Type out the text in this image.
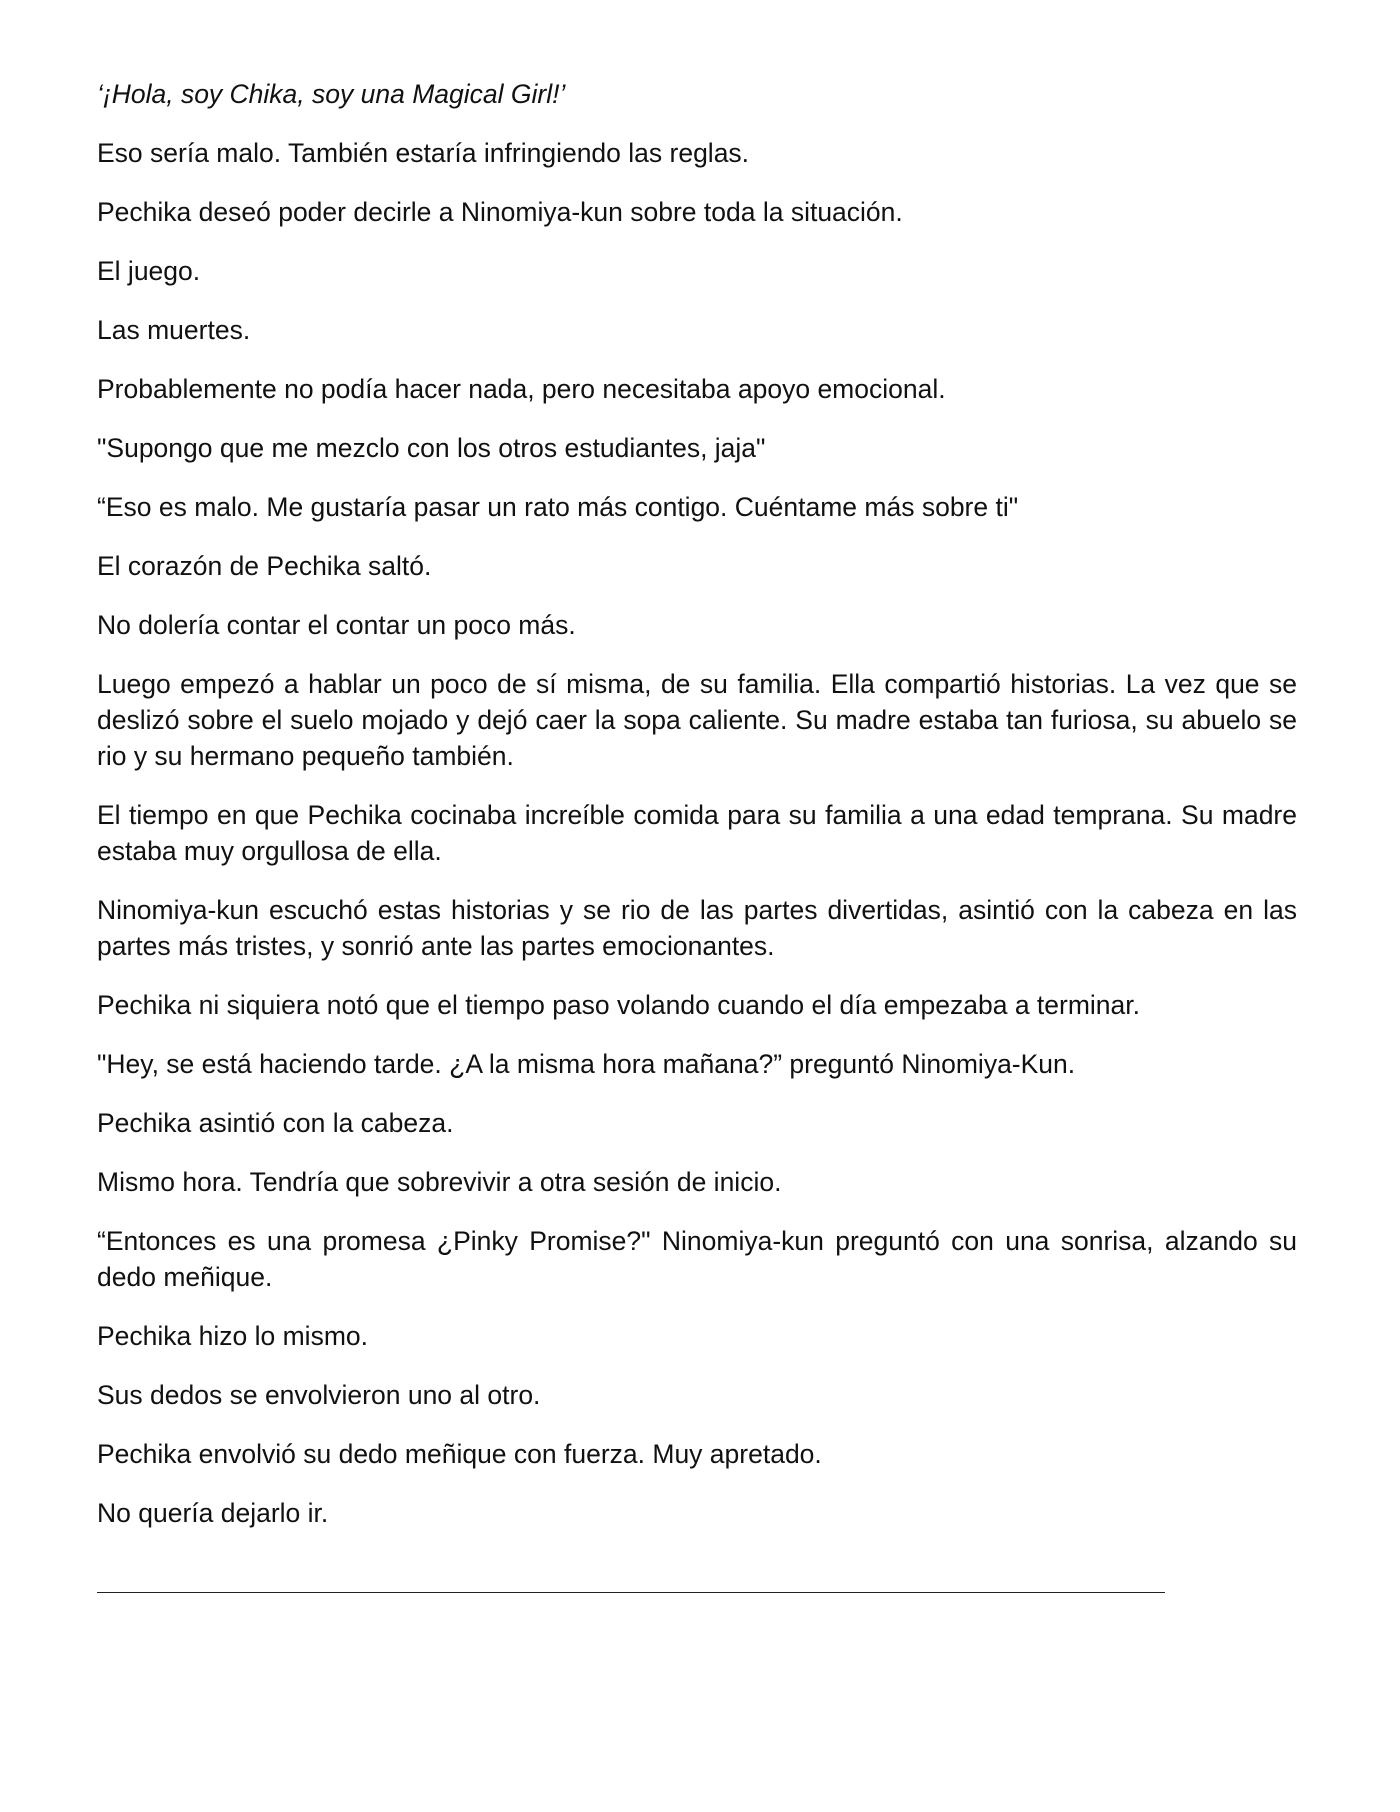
‘¡Hola, soy Chika, soy una Magical Girl!’

Eso sería malo. También estaría infringiendo las reglas.

Pechika deseó poder decirle a Ninomiya-kun sobre toda la situación.

El juego.

Las muertes.

Probablemente no podía hacer nada, pero necesitaba apoyo emocional.

"Supongo que me mezclo con los otros estudiantes, jaja"

“Eso es malo. Me gustaría pasar un rato más contigo. Cuéntame más sobre ti"

El corazón de Pechika saltó.

No dolería contar el contar un poco más.

Luego empezó a hablar un poco de sí misma, de su familia. Ella compartió historias. La vez que se deslizó sobre el suelo mojado y dejó caer la sopa caliente. Su madre estaba tan furiosa, su abuelo se rio y su hermano pequeño también.

El tiempo en que Pechika cocinaba increíble comida para su familia a una edad temprana. Su madre estaba muy orgullosa de ella.

Ninomiya-kun escuchó estas historias y se rio de las partes divertidas, asintió con la cabeza en las partes más tristes, y sonrió ante las partes emocionantes.

Pechika ni siquiera notó que el tiempo paso volando cuando el día empezaba a terminar.

"Hey, se está haciendo tarde. ¿A la misma hora mañana?” preguntó Ninomiya-Kun.

Pechika asintió con la cabeza.

Mismo hora. Tendría que sobrevivir a otra sesión de inicio.

“Entonces es una promesa ¿Pinky Promise?" Ninomiya-kun preguntó con una sonrisa, alzando su dedo meñique.

Pechika hizo lo mismo.

Sus dedos se envolvieron uno al otro.

Pechika envolvió su dedo meñique con fuerza. Muy apretado.

No quería dejarlo ir.
